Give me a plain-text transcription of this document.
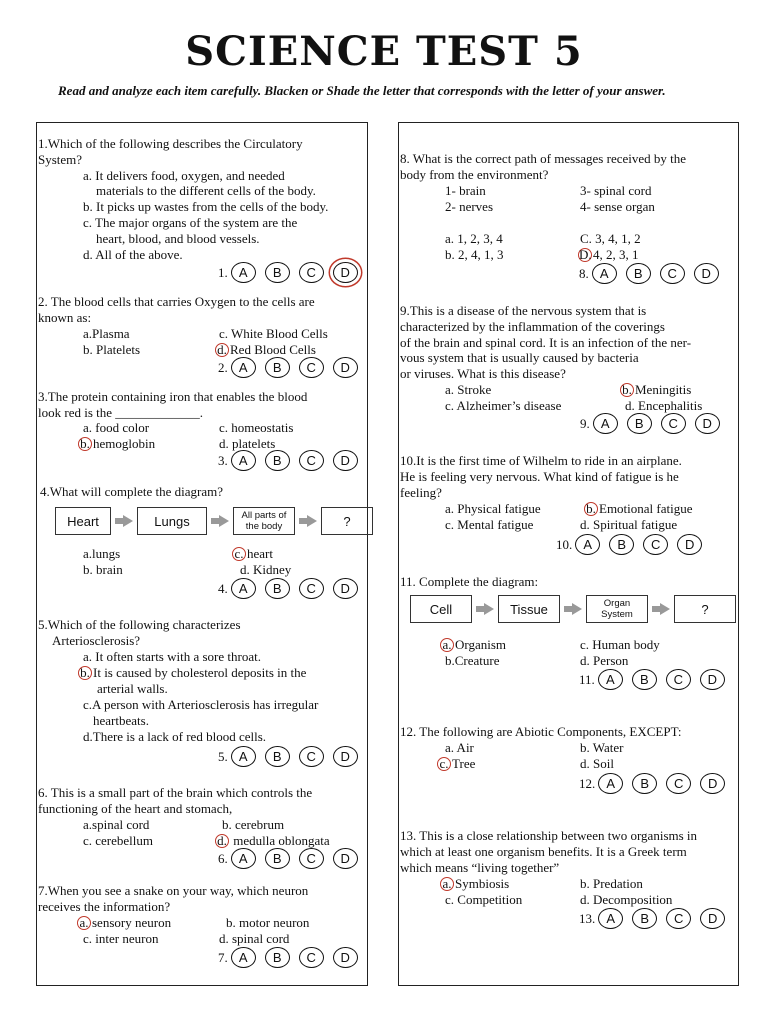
SCIENCE TEST 5
Read and analyze each item carefully. Blacken or Shade the letter that corresponds with the letter of your answer.
1.Which of the following describes the Circulatory
System?
a. It delivers food, oxygen, and needed
materials to the different cells of the body.
b. It picks up wastes from the cells of the body.
c. The major organs of the system are the
heart, blood, and blood vessels.
d. All of the above.
1. A	B	C	D
2. The blood cells that carries Oxygen to the cells are
known as:
a.Plasma	c. White Blood Cells
b. Platelets	d. Red Blood Cells
2. A	B	C	D
3.The protein containing iron that enables the blood
look red is the _____________.
a. food color	c. homeostatis
b. hemoglobin	d. platelets
3. A	B	C	D
4.What will complete the diagram?
Heart	Lungs	All parts of the body	?
a.lungs	c. heart
b. brain	d. Kidney
4. A	B	C	D
5.Which of the following characterizes
Arteriosclerosis?
a. It often starts with a sore throat.
b. It is caused by cholesterol deposits in the
arterial walls.
c.A person with Arteriosclerosis has irregular
heartbeats.
d.There is a lack of red blood cells.
5. A	B	C	D
6. This is a small part of the brain which controls the
functioning of the heart and stomach,
a.spinal cord	b. cerebrum
c. cerebellum	d. medulla oblongata
6. A	B	C	D
7.When you see a snake on your way, which neuron
receives the information?
a. sensory neuron	b. motor neuron
c. inter neuron	d. spinal cord
7. A	B	C	D
8. What is the correct path of messages received by the
body from the environment?
1- brain	3- spinal cord
2- nerves	4- sense organ
a. 1, 2, 3, 4	C. 3, 4, 1, 2
b. 2, 4, 1, 3	D.4, 2, 3, 1
8. A	B	C	D
9.This is a disease of the nervous system that is
characterized by the inflammation of the coverings
of the brain and spinal cord. It is an infection of the ner-
vous system that is usually caused by bacteria
or viruses. What is this disease?
a. Stroke	b. Meningitis
c. Alzheimer’s disease	d. Encephalitis
9. A	B	C	D
10.It is the first time of Wilhelm to ride in an airplane.
He is feeling very nervous. What kind of fatigue is he
feeling?
a. Physical fatigue	b. Emotional fatigue
c. Mental fatigue	d. Spiritual fatigue
10. A	B	C	D
11. Complete the diagram:
Cell	Tissue	Organ System	?
a. Organism	c. Human body
b.Creature	d. Person
11. A	B	C	D
12. The following are Abiotic Components, EXCEPT:
a. Air	b. Water
c. Tree	d. Soil
12. A	B	C	D
13. This is a close relationship between two organisms in
which at least one organism benefits. It is a Greek term
which means “living together”
a. Symbiosis	b. Predation
c. Competition	d. Decomposition
13. A	B	C	D
